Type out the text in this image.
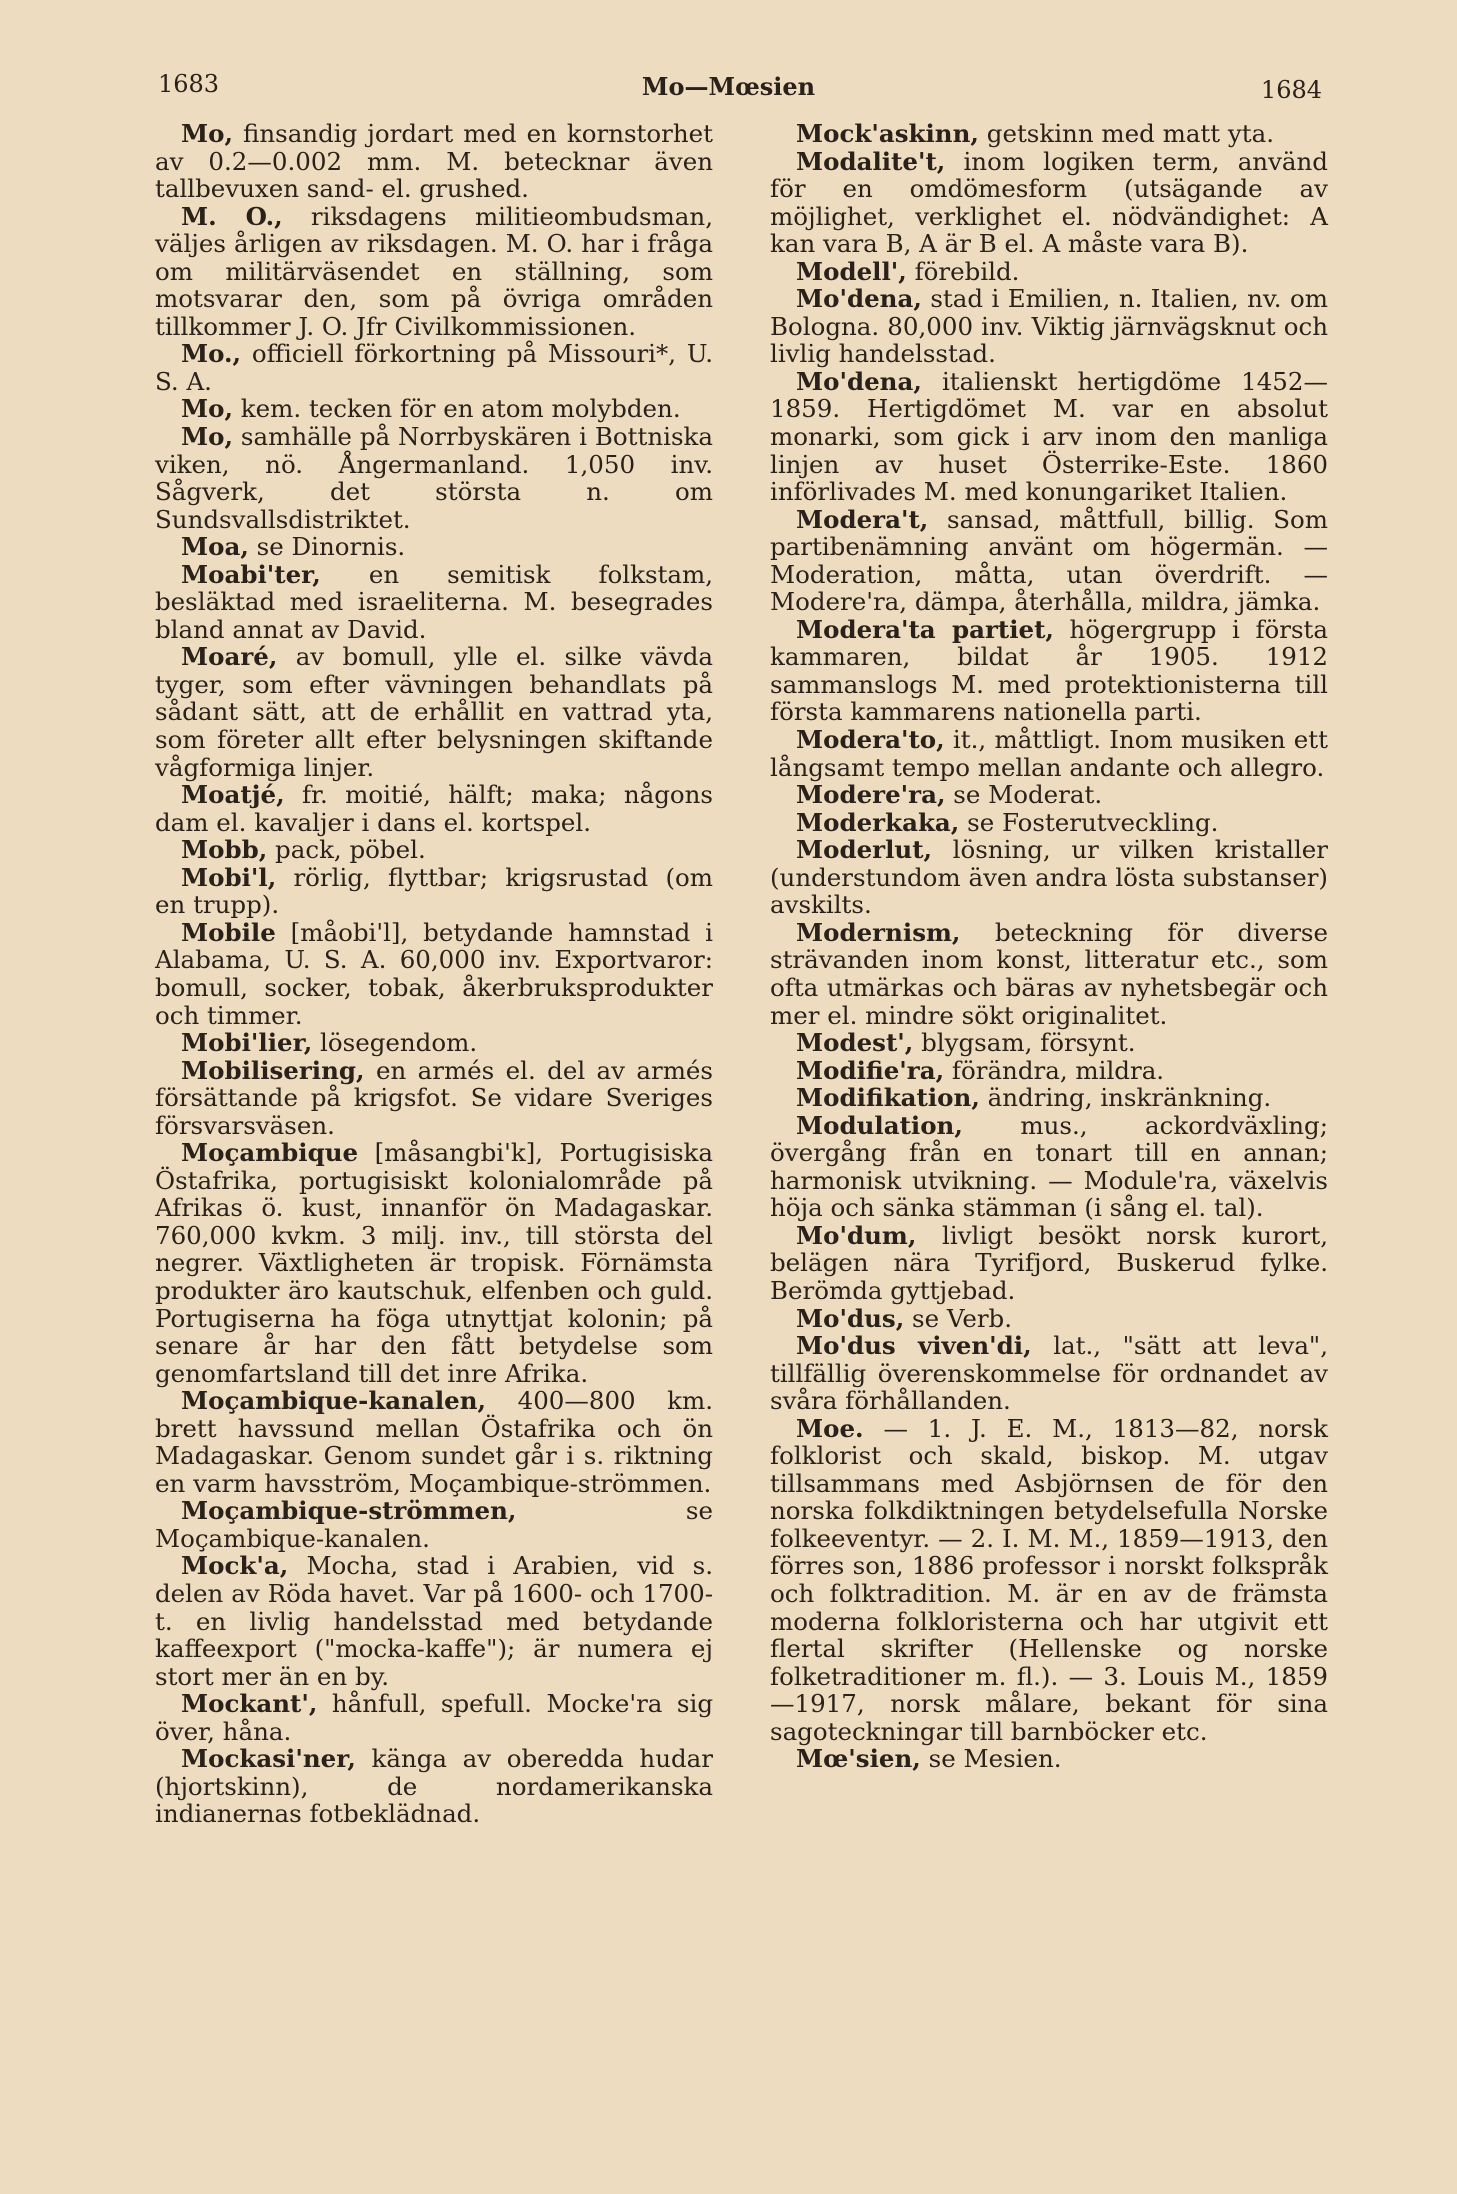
1683	Mo—Mœsien	1684

Mo, finsandig jordart med en kornstorhet av 0.2—0.002 mm. M. betecknar även tallbevuxen sand- el. grushed.

M. O., riksdagens militieombudsman, väljes årligen av riksdagen. M. O. har i fråga om militärväsendet en ställning, som motsvarar den, som på övriga områden tillkommer J. O. Jfr Civilkommissionen.

Mo., officiell förkortning på Missouri*, U. S. A.

Mo, kem. tecken för en atom molybden.

Mo, samhälle på Norrbyskären i Bottniska viken, nö. Ångermanland. 1,050 inv. Sågverk, det största n. om Sundsvallsdistriktet.

Moa, se Dinornis.

Moabi'ter, en semitisk folkstam, besläktad med israeliterna. M. besegrades bland annat av David.

Moaré, av bomull, ylle el. silke vävda tyger, som efter vävningen behandlats på sådant sätt, att de erhållit en vattrad yta, som företer allt efter belysningen skiftande vågformiga linjer.

Moatjé, fr. moitié, hälft; maka; någons dam el. kavaljer i dans el. kortspel.

Mobb, pack, pöbel.

Mobi'l, rörlig, flyttbar; krigsrustad (om en trupp).

Mobile [måobi'l], betydande hamnstad i Alabama, U. S. A. 60,000 inv. Exportvaror: bomull, socker, tobak, åkerbruksprodukter och timmer.

Mobi'lier, lösegendom.

Mobilisering, en armés el. del av armés försättande på krigsfot. Se vidare Sveriges försvarsväsen.

Moçambique [måsangbi'k], Portugisiska Östafrika, portugisiskt kolonialområde på Afrikas ö. kust, innanför ön Madagaskar. 760,000 kvkm. 3 milj. inv., till största del negrer. Växtligheten är tropisk. Förnämsta produkter äro kautschuk, elfenben och guld. Portugiserna ha föga utnyttjat kolonin; på senare år har den fått betydelse som genomfartsland till det inre Afrika.

Moçambique-kanalen, 400—800 km. brett havssund mellan Östafrika och ön Madagaskar. Genom sundet går i s. riktning en varm havsström, Moçambique-strömmen.

Moçambique-strömmen, se Moçambique-kanalen.

Mock'a, Mocha, stad i Arabien, vid s. delen av Röda havet. Var på 1600- och 1700-t. en livlig handelsstad med betydande kaffeexport ("mocka-kaffe"); är numera ej stort mer än en by.

Mockant', hånfull, spefull. Mocke'ra sig över, håna.

Mockasi'ner, känga av oberedda hudar (hjortskinn), de nordamerikanska indianernas fotbeklädnad.

Mock'askinn, getskinn med matt yta.

Modalite't, inom logiken term, använd för en omdömesform (utsägande av möjlighet, verklighet el. nödvändighet: A kan vara B, A är B el. A måste vara B).

Modell', förebild.

Mo'dena, stad i Emilien, n. Italien, nv. om Bologna. 80,000 inv. Viktig järnvägsknut och livlig handelsstad.

Mo'dena, italienskt hertigdöme 1452—1859. Hertigdömet M. var en absolut monarki, som gick i arv inom den manliga linjen av huset Österrike-Este. 1860 införlivades M. med konungariket Italien.

Modera't, sansad, måttfull, billig. Som partibenämning använt om högermän. — Moderation, måtta, utan överdrift. — Modere'ra, dämpa, återhålla, mildra, jämka.

Modera'ta partiet, högergrupp i första kammaren, bildat år 1905. 1912 sammanslogs M. med protektionisterna till första kammarens nationella parti.

Modera'to, it., måttligt. Inom musiken ett långsamt tempo mellan andante och allegro.

Modere'ra, se Moderat.

Moderkaka, se Fosterutveckling.

Moderlut, lösning, ur vilken kristaller (understundom även andra lösta substanser) avskilts.

Modernism, beteckning för diverse strävanden inom konst, litteratur etc., som ofta utmärkas och bäras av nyhetsbegär och mer el. mindre sökt originalitet.

Modest', blygsam, försynt.

Modifie'ra, förändra, mildra.

Modifikation, ändring, inskränkning.

Modulation, mus., ackordväxling; övergång från en tonart till en annan; harmonisk utvikning. — Module'ra, växelvis höja och sänka stämman (i sång el. tal).

Mo'dum, livligt besökt norsk kurort, belägen nära Tyrifjord, Buskerud fylke. Berömda gyttjebad.

Mo'dus, se Verb.

Mo'dus viven'di, lat., "sätt att leva", tillfällig överenskommelse för ordnandet av svåra förhållanden.

Moe. — 1. J. E. M., 1813—82, norsk folklorist och skald, biskop. M. utgav tillsammans med Asbjörnsen de för den norska folkdiktningen betydelsefulla Norske folkeeventyr. — 2. I. M. M., 1859—1913, den förres son, 1886 professor i norskt folkspråk och folktradition. M. är en av de främsta moderna folkloristerna och har utgivit ett flertal skrifter (Hellenske og norske folketraditioner m. fl.). — 3. Louis M., 1859—1917, norsk målare, bekant för sina sagoteckningar till barnböcker etc.

Mœ'sien, se Mesien.
